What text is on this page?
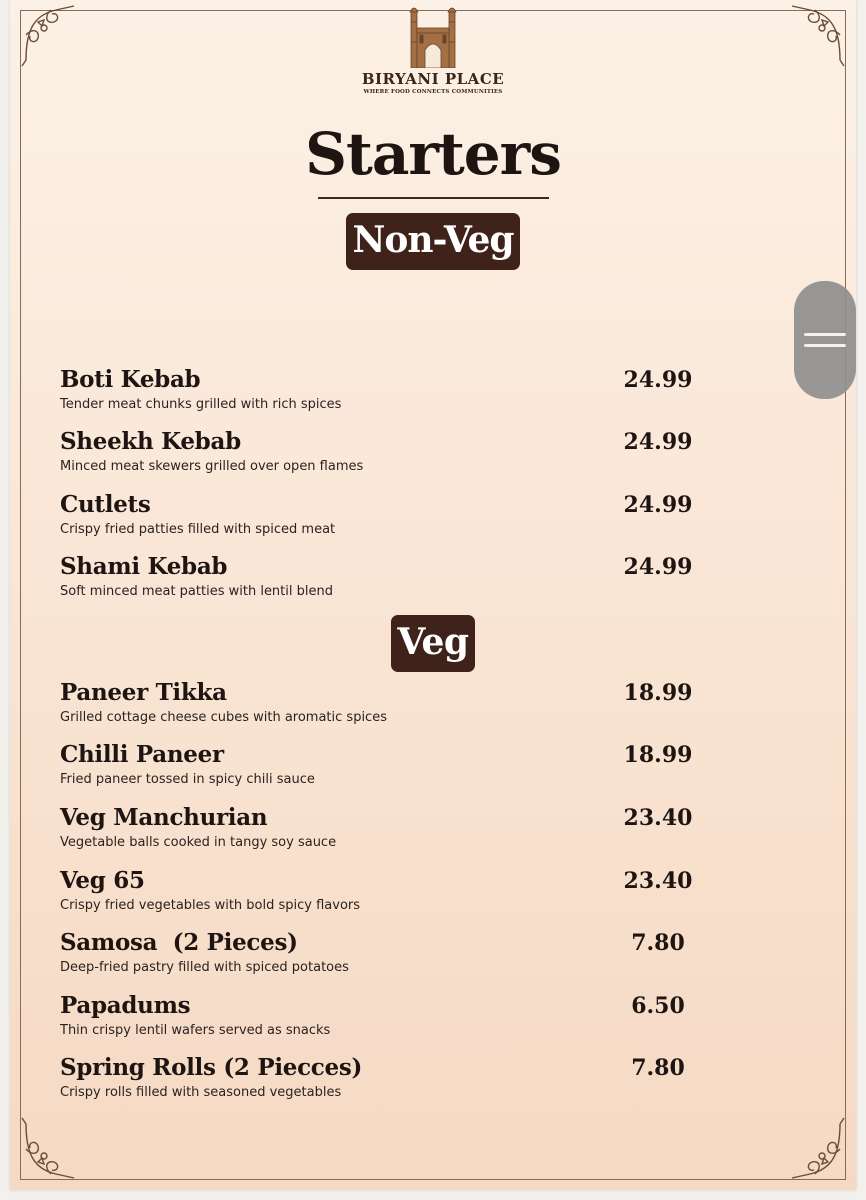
BIRYANI PLACE
WHERE FOOD CONNECTS COMMUNITIES
Starters
Non-Veg
Boti Kebab
Tender meat chunks grilled with rich spices
24.99
Sheekh Kebab
Minced meat skewers grilled over open flames
24.99
Cutlets
Crispy fried patties filled with spiced meat
24.99
Shami Kebab
Soft minced meat patties with lentil blend
24.99
Veg
Paneer Tikka
Grilled cottage cheese cubes with aromatic spices
18.99
Chilli Paneer
Fried paneer tossed in spicy chili sauce
18.99
Veg Manchurian
Vegetable balls cooked in tangy soy sauce
23.40
Veg 65
Crispy fried vegetables with bold spicy flavors
23.40
Samosa  (2 Pieces)
Deep-fried pastry filled with spiced potatoes
7.80
Papadums
Thin crispy lentil wafers served as snacks
6.50
Spring Rolls (2 Piecces)
Crispy rolls filled with seasoned vegetables
7.80
